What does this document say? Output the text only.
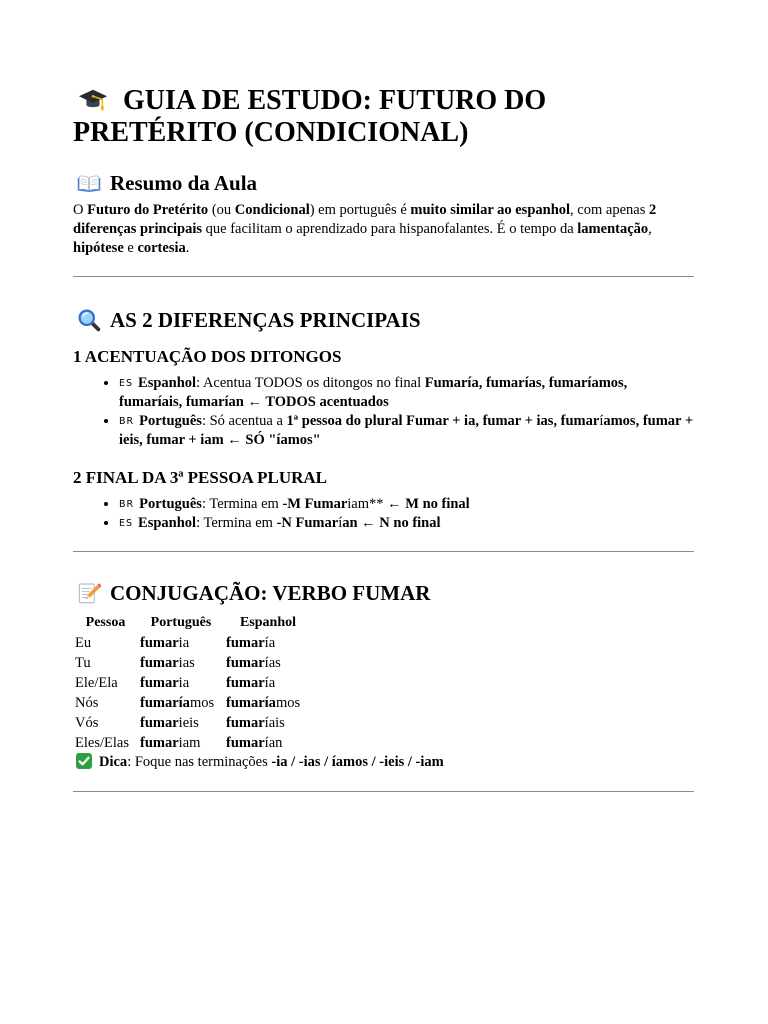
GUIA DE ESTUDO: FUTURO DO PRETÉRITO (CONDICIONAL)
Resumo da Aula

O Futuro do Pretérito (ou Condicional) em português é muito similar ao espanhol, com apenas 2 diferenças principais que facilitam o aprendizado para hispanofalantes. É o tempo da lamentação, hipótese e cortesia.

AS 2 DIFERENÇAS PRINCIPAIS
1 ACENTUAÇÃO DOS DITONGOS
• ES Espanhol: Acentua TODOS os ditongos no final Fumaría, fumarías, fumaríamos, fumaríais, fumarían ← TODOS acentuados
• BR Português: Só acentua a 1ª pessoa do plural Fumar + ia, fumar + ias, fumaríamos, fumar + ieis, fumar + iam ← SÓ "íamos"
2 FINAL DA 3ª PESSOA PLURAL
• BR Português: Termina em -M Fumariam** ← M no final
• ES Espanhol: Termina em -N Fumarían ← N no final
CONJUGAÇÃO: VERBO FUMAR
Pessoa	Português	Espanhol
Eu	fumaria	fumaría
Tu	fumarias	fumarías
Ele/Ela	fumaria	fumaría
Nós	fumaríamos	fumaríamos
Vós	fumarieis	fumaríais
Eles/Elas	fumariam	fumarían

Dica: Foque nas terminações -ia / -ias / íamos / -ieis / -iam
